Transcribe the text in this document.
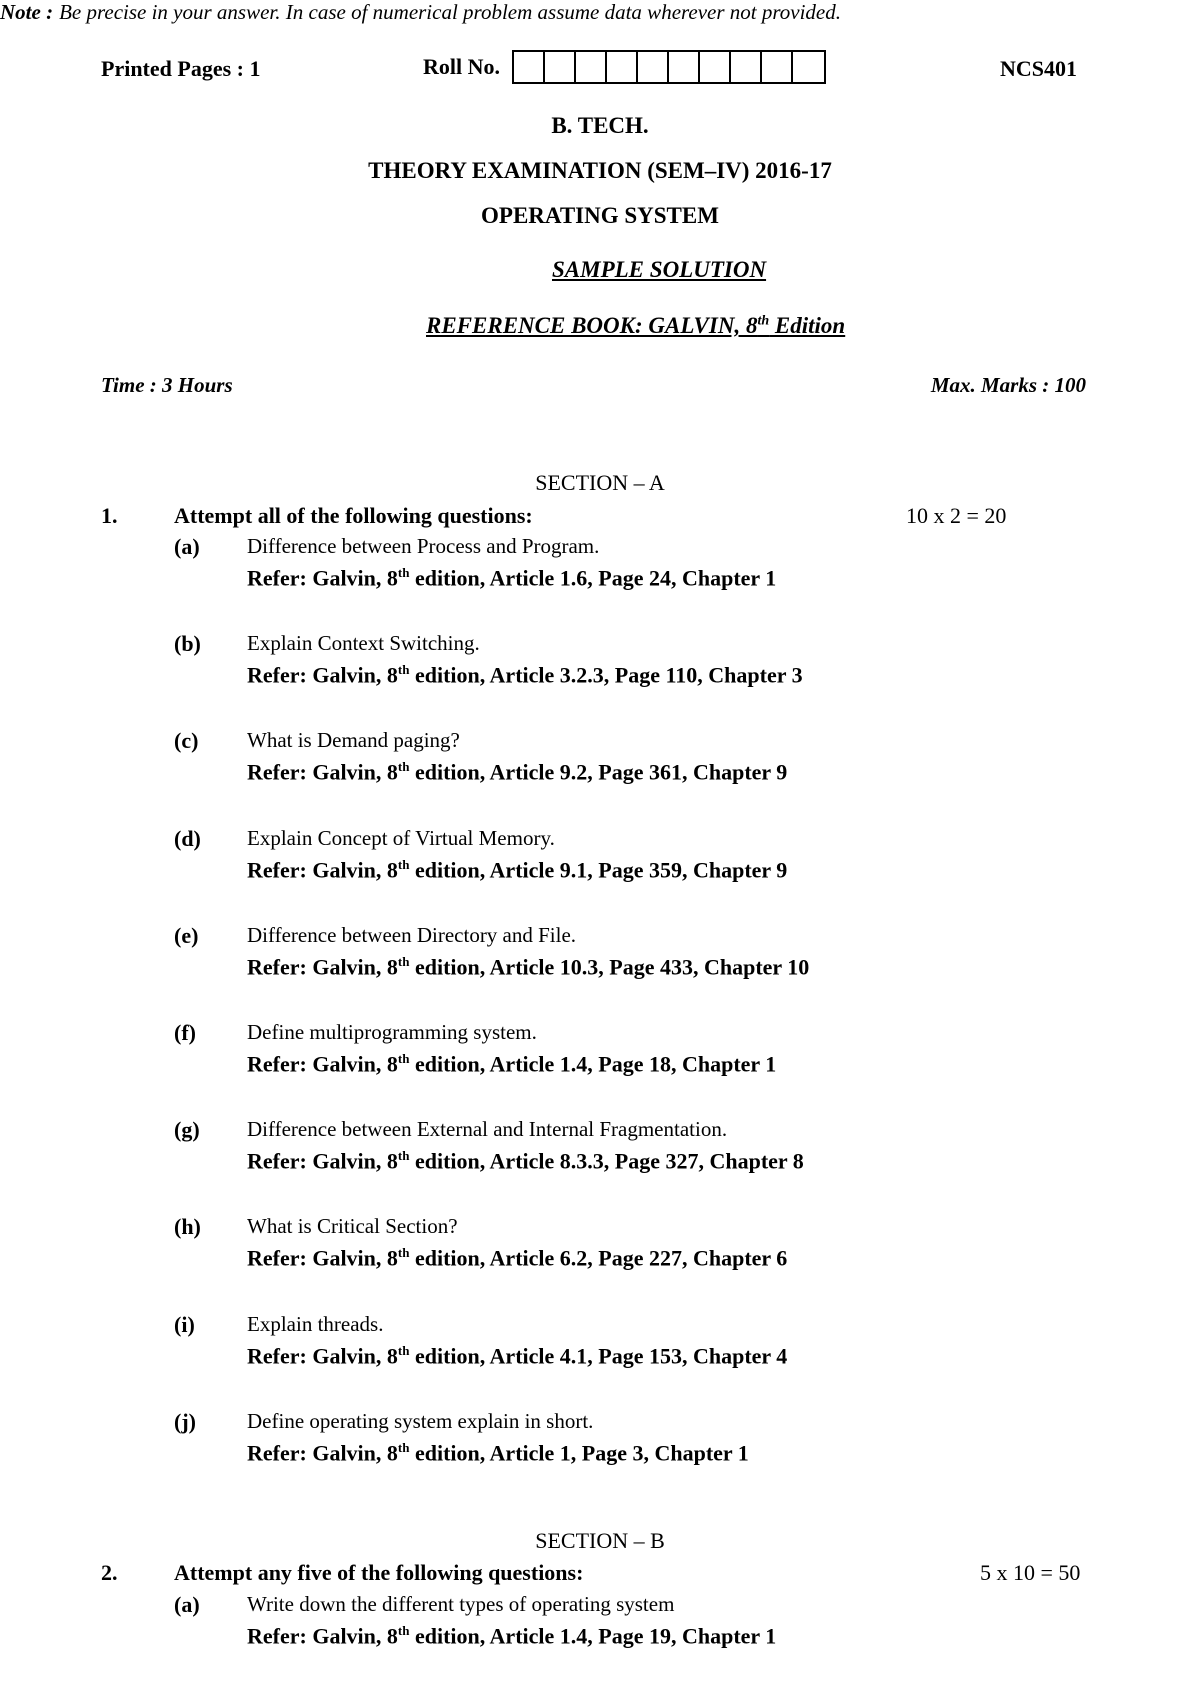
Printed Pages : 1	Roll No.	NCS401
B. TECH.
THEORY EXAMINATION (SEM–IV) 2016-17
OPERATING SYSTEM
SAMPLE SOLUTION
REFERENCE BOOK: GALVIN, 8th Edition
Time : 3 Hours	Max. Marks : 100
Note : Be precise in your answer. In case of numerical problem assume data wherever not provided.
SECTION – A
1.	Attempt all of the following questions:	10 x 2 = 20
(a) Difference between Process and Program.
Refer: Galvin, 8th edition, Article 1.6, Page 24, Chapter 1
(b) Explain Context Switching.
Refer: Galvin, 8th edition, Article 3.2.3, Page 110, Chapter 3
(c) What is Demand paging?
Refer: Galvin, 8th edition, Article 9.2, Page 361, Chapter 9
(d) Explain Concept of Virtual Memory.
Refer: Galvin, 8th edition, Article 9.1, Page 359, Chapter 9
(e) Difference between Directory and File.
Refer: Galvin, 8th edition, Article 10.3, Page 433, Chapter 10
(f) Define multiprogramming system.
Refer: Galvin, 8th edition, Article 1.4, Page 18, Chapter 1
(g) Difference between External and Internal Fragmentation.
Refer: Galvin, 8th edition, Article 8.3.3, Page 327, Chapter 8
(h) What is Critical Section?
Refer: Galvin, 8th edition, Article 6.2, Page 227, Chapter 6
(i) Explain threads.
Refer: Galvin, 8th edition, Article 4.1, Page 153, Chapter 4
(j) Define operating system explain in short.
Refer: Galvin, 8th edition, Article 1, Page 3, Chapter 1
SECTION – B
2.	Attempt any five of the following questions:	5 x 10 = 50
(a) Write down the different types of operating system
Refer: Galvin, 8th edition, Article 1.4, Page 19, Chapter 1
